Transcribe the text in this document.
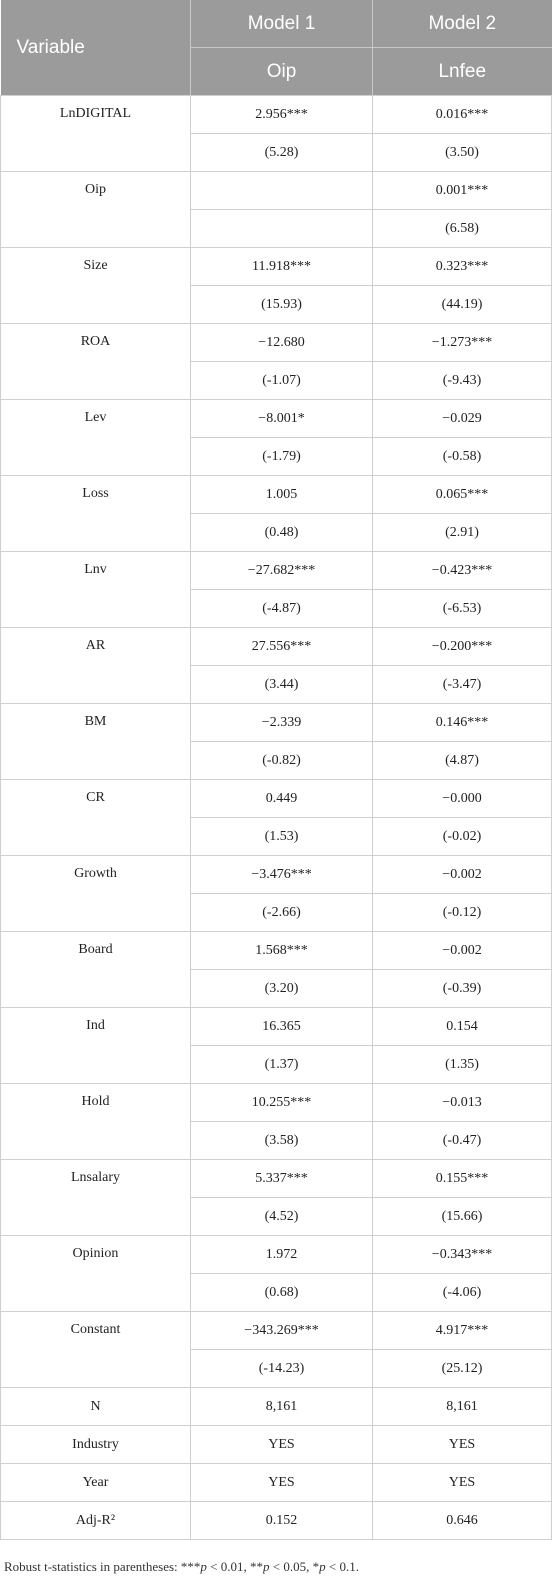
Variable	Model 1	Model 2
	Oip	Lnfee
LnDIGITAL	2.956***	0.016***
	(5.28)	(3.50)
Oip		0.001***
		(6.58)
Size	11.918***	0.323***
	(15.93)	(44.19)
ROA	−12.680	−1.273***
	(-1.07)	(-9.43)
Lev	−8.001*	−0.029
	(-1.79)	(-0.58)
Loss	1.005	0.065***
	(0.48)	(2.91)
Lnv	−27.682***	−0.423***
	(-4.87)	(-6.53)
AR	27.556***	−0.200***
	(3.44)	(-3.47)
BM	−2.339	0.146***
	(-0.82)	(4.87)
CR	0.449	−0.000
	(1.53)	(-0.02)
Growth	−3.476***	−0.002
	(-2.66)	(-0.12)
Board	1.568***	−0.002
	(3.20)	(-0.39)
Ind	16.365	0.154
	(1.37)	(1.35)
Hold	10.255***	−0.013
	(3.58)	(-0.47)
Lnsalary	5.337***	0.155***
	(4.52)	(15.66)
Opinion	1.972	−0.343***
	(0.68)	(-4.06)
Constant	−343.269***	4.917***
	(-14.23)	(25.12)
N	8,161	8,161
Industry	YES	YES
Year	YES	YES
Adj-R²	0.152	0.646
Robust t-statistics in parentheses: ***p < 0.01, **p < 0.05, *p < 0.1.
